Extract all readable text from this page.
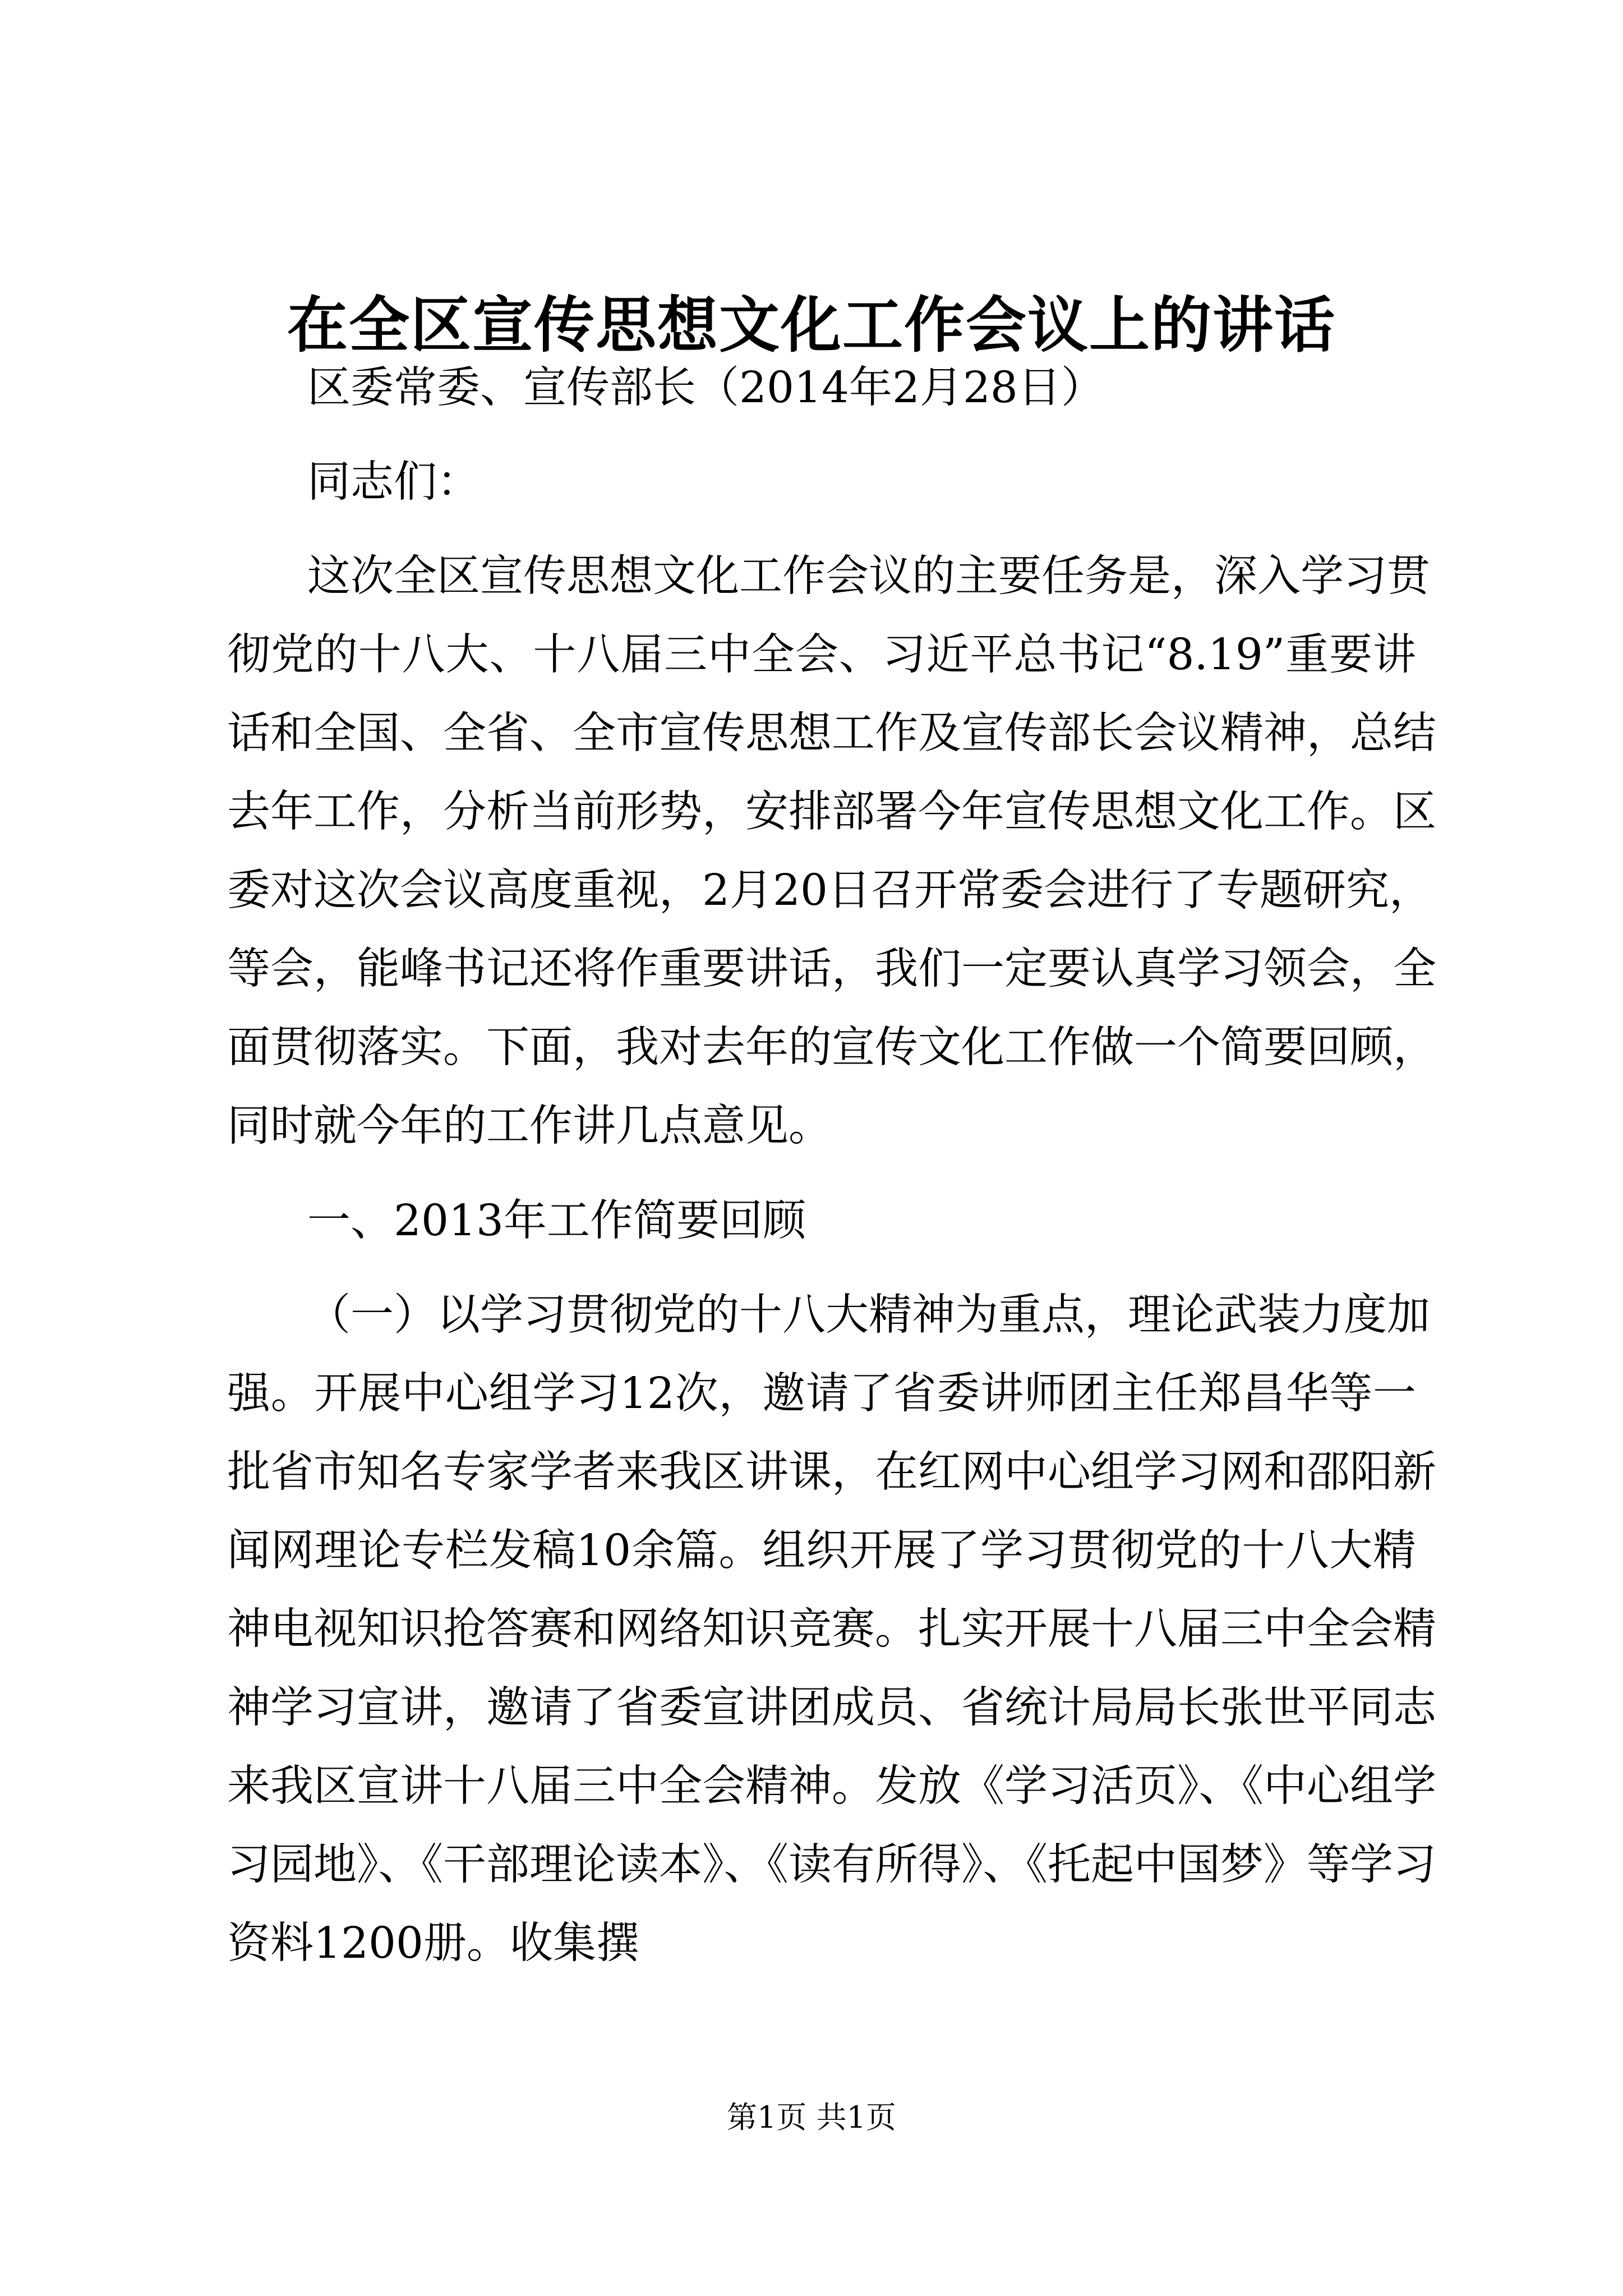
在全区宣传思想文化工作会议上的讲话
区委常委、宣传部长（2014年2月28日）
同志们：
这次全区宣传思想文化工作会议的主要任务是，深入学习贯
彻党的十八大、十八届三中全会、习近平总书记“8.19”重要讲
话和全国、全省、全市宣传思想工作及宣传部长会议精神，总结
去年工作，分析当前形势，安排部署今年宣传思想文化工作。区
委对这次会议高度重视，2月20日召开常委会进行了专题研究，
等会，能峰书记还将作重要讲话，我们一定要认真学习领会，全
面贯彻落实。下面，我对去年的宣传文化工作做一个简要回顾，
同时就今年的工作讲几点意见。
一、2013年工作简要回顾
（一）以学习贯彻党的十八大精神为重点，理论武装力度加
强。开展中心组学习12次，邀请了省委讲师团主任郑昌华等一
批省市知名专家学者来我区讲课，在红网中心组学习网和邵阳新
闻网理论专栏发稿10余篇。组织开展了学习贯彻党的十八大精
神电视知识抢答赛和网络知识竞赛。扎实开展十八届三中全会精
神学习宣讲，邀请了省委宣讲团成员、省统计局局长张世平同志
来我区宣讲十八届三中全会精神。发放《学习活页》、《中心组学
习园地》、《干部理论读本》、《读有所得》、《托起中国梦》等学习
资料1200册。收集撰
第1页 共1页
